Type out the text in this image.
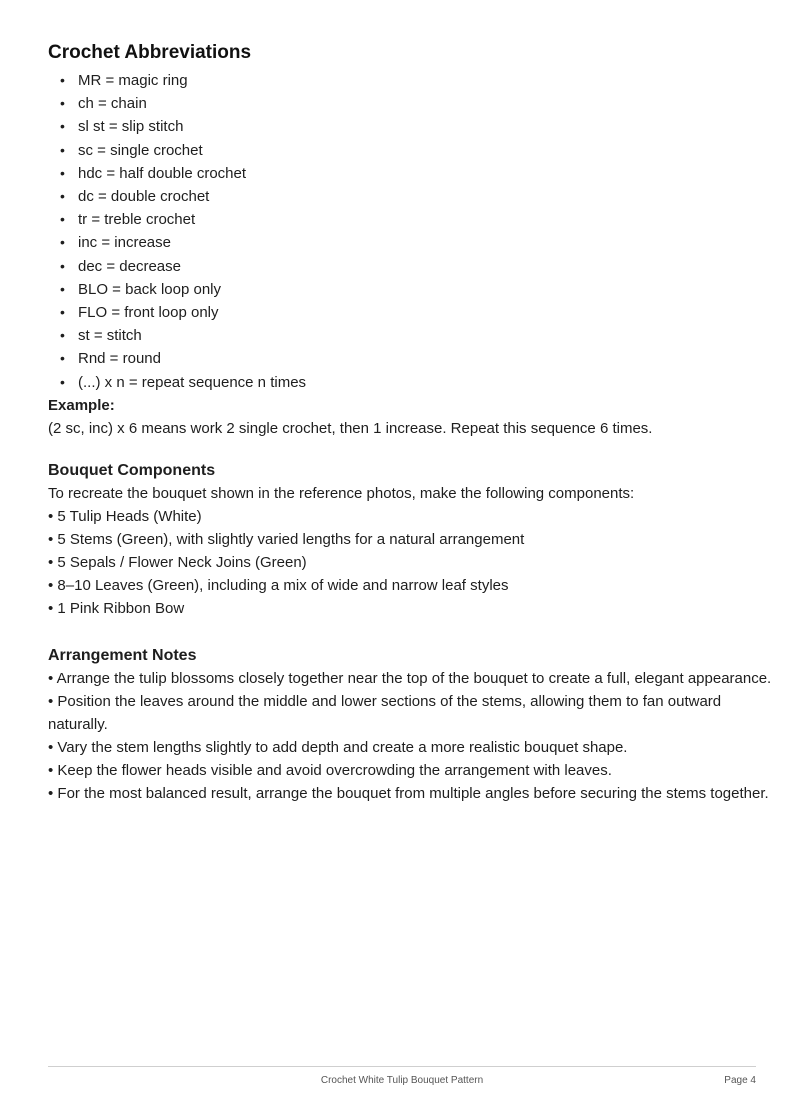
Crochet Abbreviations
• MR = magic ring
• ch = chain
• sl st = slip stitch
• sc = single crochet
• hdc = half double crochet
• dc = double crochet
• tr = treble crochet
• inc = increase
• dec = decrease
• BLO = back loop only
• FLO = front loop only
• st = stitch
• Rnd = round
• (...) x n = repeat sequence n times
Example:
(2 sc, inc) x 6 means work 2 single crochet, then 1 increase. Repeat this sequence 6 times.
Bouquet Components
To recreate the bouquet shown in the reference photos, make the following components:
• 5 Tulip Heads (White)
• 5 Stems (Green), with slightly varied lengths for a natural arrangement
• 5 Sepals / Flower Neck Joins (Green)
• 8–10 Leaves (Green), including a mix of wide and narrow leaf styles
• 1 Pink Ribbon Bow
Arrangement Notes
• Arrange the tulip blossoms closely together near the top of the bouquet to create a full, elegant appearance.
• Position the leaves around the middle and lower sections of the stems, allowing them to fan outward naturally.
• Vary the stem lengths slightly to add depth and create a more realistic bouquet shape.
• Keep the flower heads visible and avoid overcrowding the arrangement with leaves.
• For the most balanced result, arrange the bouquet from multiple angles before securing the stems together.
Crochet White Tulip Bouquet Pattern	Page 4
